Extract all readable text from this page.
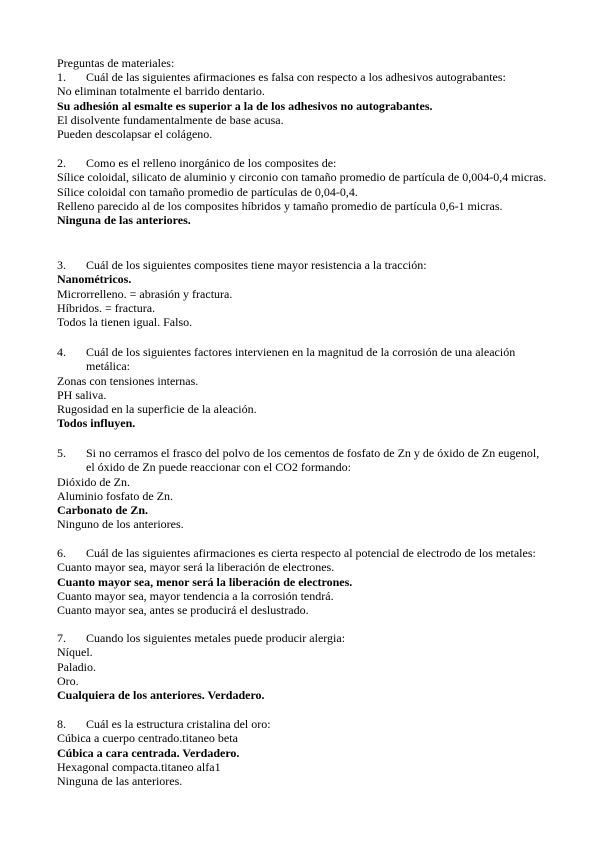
Preguntas de materiales:
1. Cuál de las siguientes afirmaciones es falsa con respecto a los adhesivos autograbantes:
No eliminan totalmente el barrido dentario.
Su adhesión al esmalte es superior a la de los adhesivos no autograbantes.
El disolvente fundamentalmente de base acusa.
Pueden descolapsar el colágeno.
2. Como es el relleno inorgánico de los composites de:
Sílice coloidal, silicato de aluminio y circonio con tamaño promedio de partícula de 0,004-0,4 micras.
Sílice coloidal con tamaño promedio de partículas de 0,04-0,4.
Relleno parecido al de los composites híbridos y tamaño promedio de partícula 0,6-1 micras.
Ninguna de las anteriores.
3. Cuál de los siguientes composites tiene mayor resistencia a la tracción:
Nanométricos.
Microrrelleno. = abrasión y fractura.
Híbridos. = fractura.
Todos la tienen igual. Falso.
4. Cuál de los siguientes factores intervienen en la magnitud de la corrosión de una aleación metálica:
Zonas con tensiones internas.
PH saliva.
Rugosidad en la superficie de la aleación.
Todos influyen.
5. Si no cerramos el frasco del polvo de los cementos de fosfato de Zn y de óxido de Zn eugenol, el óxido de Zn puede reaccionar con el CO2 formando:
Dióxido de Zn.
Aluminio fosfato de Zn.
Carbonato de Zn.
Ninguno de los anteriores.
6. Cuál de las siguientes afirmaciones es cierta respecto al potencial de electrodo de los metales:
Cuanto mayor sea, mayor será la liberación de electrones.
Cuanto mayor sea, menor será la liberación de electrones.
Cuanto mayor sea, mayor tendencia a la corrosión tendrá.
Cuanto mayor sea, antes se producirá el deslustrado.
7. Cuando los siguientes metales puede producir alergia:
Níquel.
Paladio.
Oro.
Cualquiera de los anteriores. Verdadero.
8. Cuál es la estructura cristalina del oro:
Cúbica a cuerpo centrado.titaneo beta
Cúbica a cara centrada. Verdadero.
Hexagonal compacta.titaneo alfa1
Ninguna de las anteriores.
